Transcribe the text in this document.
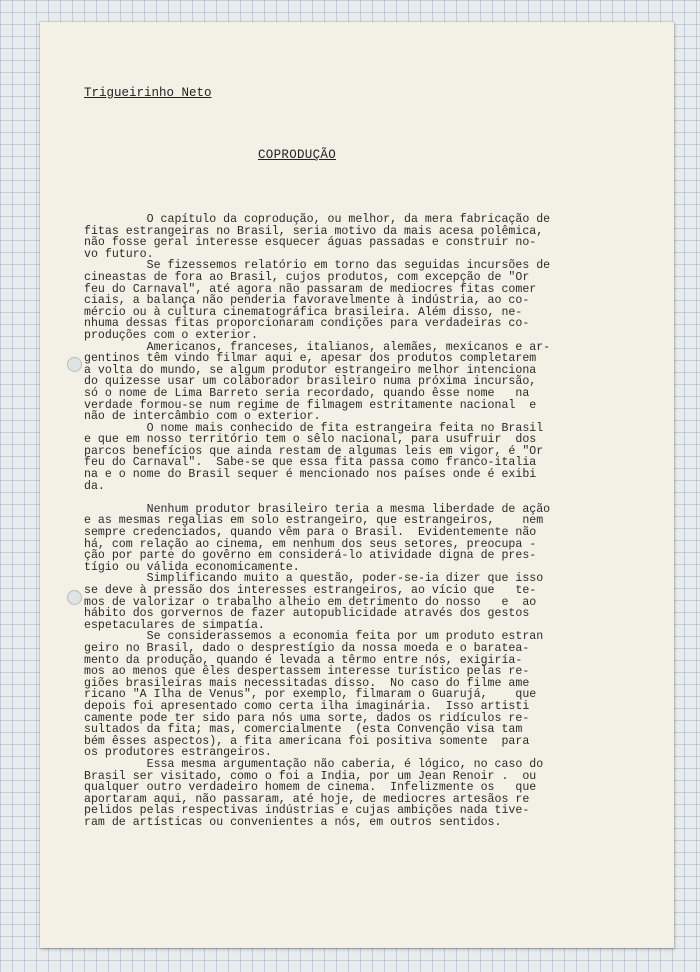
Trigueirinho Neto
COPRODUÇÃO
O capítulo da coprodução, ou melhor, da mera fabricação de
fitas estrangeiras no Brasil, seria motivo da mais acesa polêmica,
não fosse geral interesse esquecer águas passadas e construir no-
vo futuro.
Se fizessemos relatório em torno das seguidas incursões de
cineastas de fora ao Brasil, cujos produtos, com excepção de "Or
feu do Carnaval", até agora não passaram de mediocres fitas comer
ciais, a balança não penderia favoravelmente à indústria, ao co-
mércio ou à cultura cinematográfica brasileira. Além disso, ne-
nhuma dessas fitas proporcionaram condições para verdadeiras co-
produções com o exterior.
Americanos, franceses, italianos, alemães, mexicanos e ar-
gentinos têm vindo filmar aqui e, apesar dos produtos completarem
a volta do mundo, se algum produtor estrangeiro melhor intenciona
do quizesse usar um colaborador brasileiro numa próxima incursão,
só o nome de Lima Barreto seria recordado, quando êsse nome   na
verdade formou-se num regime de filmagem estritamente nacional  e
não de intercâmbio com o exterior.
O nome mais conhecido de fita estrangeira feita no Brasil
e que em nosso território tem o sêlo nacional, para usufruir  dos
parcos benefícios que ainda restam de algumas leis em vigor, é "Or
feu do Carnaval".  Sabe-se que essa fita passa como franco-italia
na e o nome do Brasil sequer é mencionado nos países onde é exibi
da.
Nenhum produtor brasileiro teria a mesma liberdade de ação
e as mesmas regalias em solo estrangeiro, que estrangeiros,    nem
sempre credenciados, quando vêm para o Brasil.  Evidentemente não
há, com relação ao cinema, em nenhum dos seus setores, preocupa -
ção por parte do govêrno em considerá-lo atividade digna de pres-
tígio ou válida economicamente.
Simplificando muito a questão, poder-se-ia dizer que isso
se deve à pressão dos interesses estrangeiros, ao vício que   te-
mos de valorizar o trabalho alheio em detrimento do nosso   e  ao
hábito dos gorvernos de fazer autopublicidade através dos gestos
espetaculares de simpatía.
Se considerassemos a economia feita por um produto estran
geiro no Brasil, dado o desprestígio da nossa moeda e o baratea-
mento da produção, quando é levada a têrmo entre nós, exigiría-
mos ao menos que êles despertassem interesse turístico pelas re-
giões brasileiras mais necessitadas disso.  No caso do filme ame
ricano "A Ilha de Venus", por exemplo, filmaram o Guarujá,    que
depois foi apresentado como certa ilha imaginária.  Isso artisti
camente pode ter sido para nós uma sorte, dados os ridículos re-
sultados da fita; mas, comercialmente  (esta Convenção visa tam
bém êsses aspectos), a fita americana foi positiva somente  para
os produtores estrangeiros.
Essa mesma argumentação não caberia, é lógico, no caso do
Brasil ser visitado, como o foi a India, por um Jean Renoir .  ou
qualquer outro verdadeiro homem de cinema.  Infelizmente os   que
aportaram aqui, não passaram, até hoje, de mediocres artesãos re
pelidos pelas respectivas indústrias e cujas ambições nada tive-
ram de artísticas ou convenientes a nós, em outros sentidos.
